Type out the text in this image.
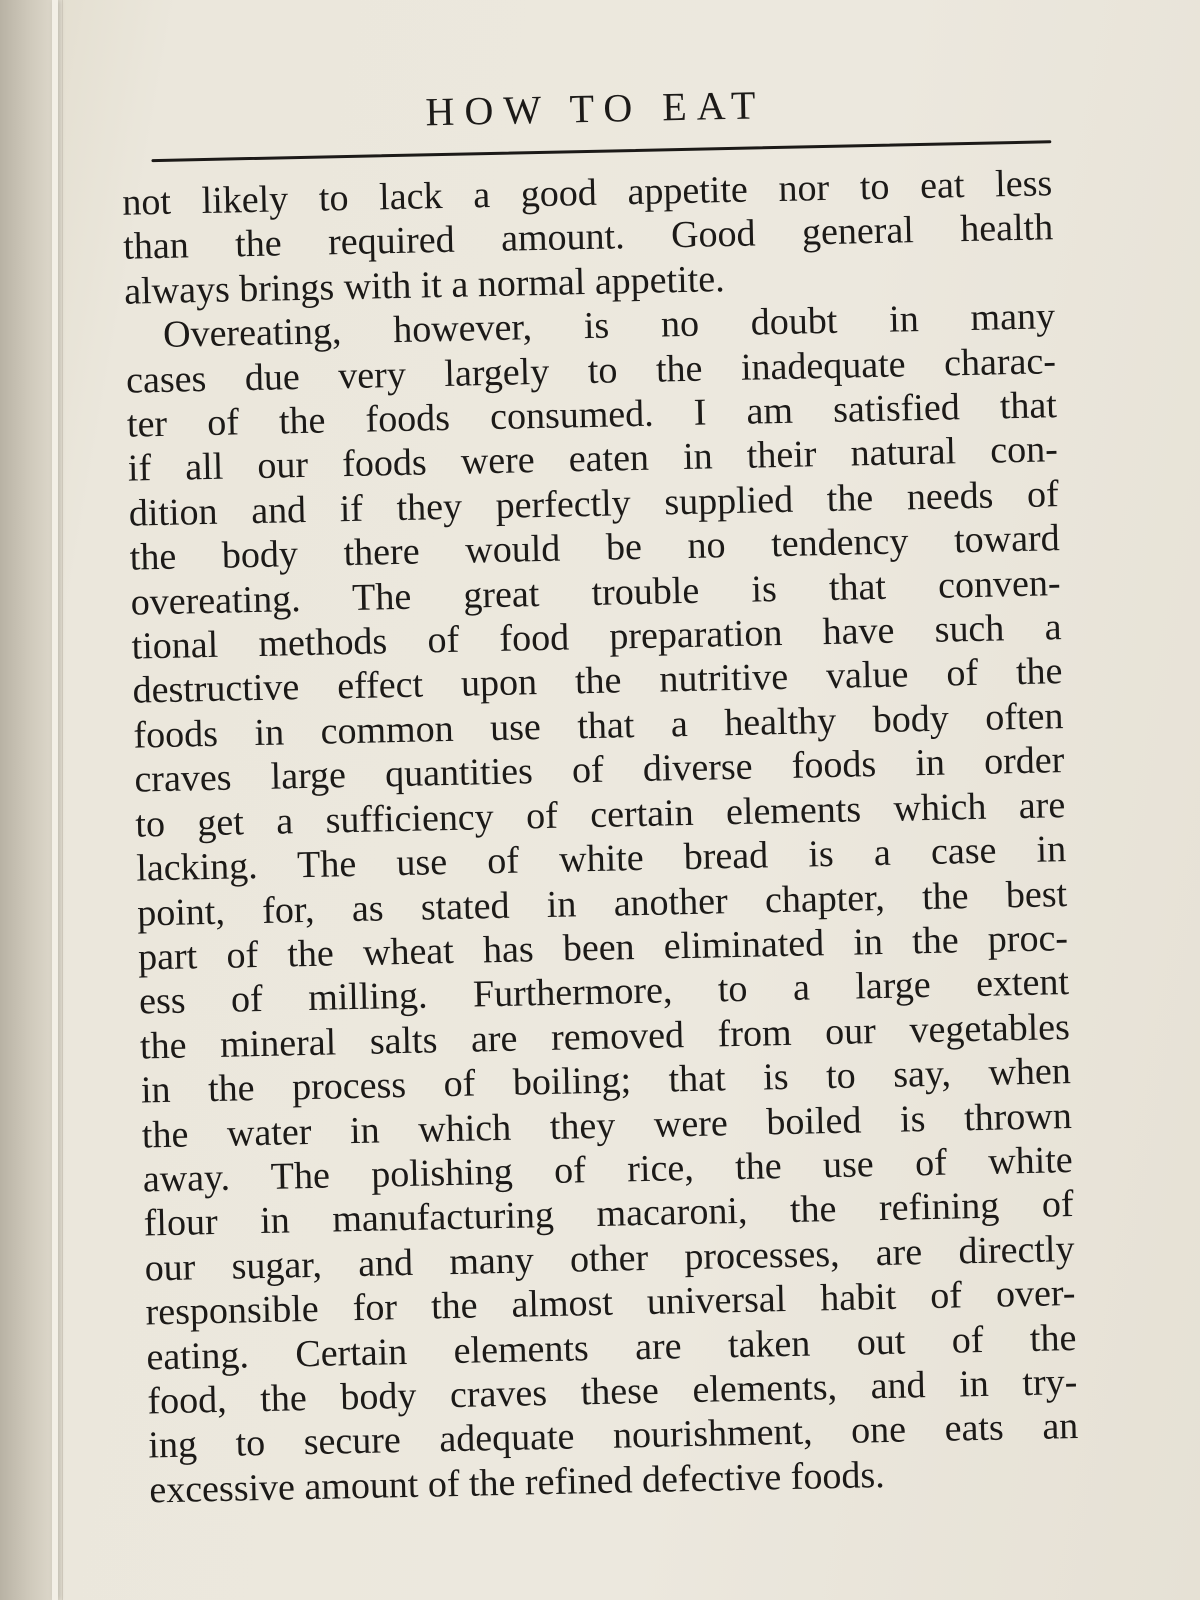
HOW TO EAT
not likely to lack a good appetite nor to eat less
than the required amount. Good general health
always brings with it a normal appetite.
Overeating, however, is no doubt in many
cases due very largely to the inadequate charac-
ter of the foods consumed. I am satisfied that
if all our foods were eaten in their natural con-
dition and if they perfectly supplied the needs of
the body there would be no tendency toward
overeating. The great trouble is that conven-
tional methods of food preparation have such a
destructive effect upon the nutritive value of the
foods in common use that a healthy body often
craves large quantities of diverse foods in order
to get a sufficiency of certain elements which are
lacking. The use of white bread is a case in
point, for, as stated in another chapter, the best
part of the wheat has been eliminated in the proc-
ess of milling. Furthermore, to a large extent
the mineral salts are removed from our vegetables
in the process of boiling; that is to say, when
the water in which they were boiled is thrown
away. The polishing of rice, the use of white
flour in manufacturing macaroni, the refining of
our sugar, and many other processes, are directly
responsible for the almost universal habit of over-
eating. Certain elements are taken out of the
food, the body craves these elements, and in try-
ing to secure adequate nourishment, one eats an
excessive amount of the refined defective foods.
